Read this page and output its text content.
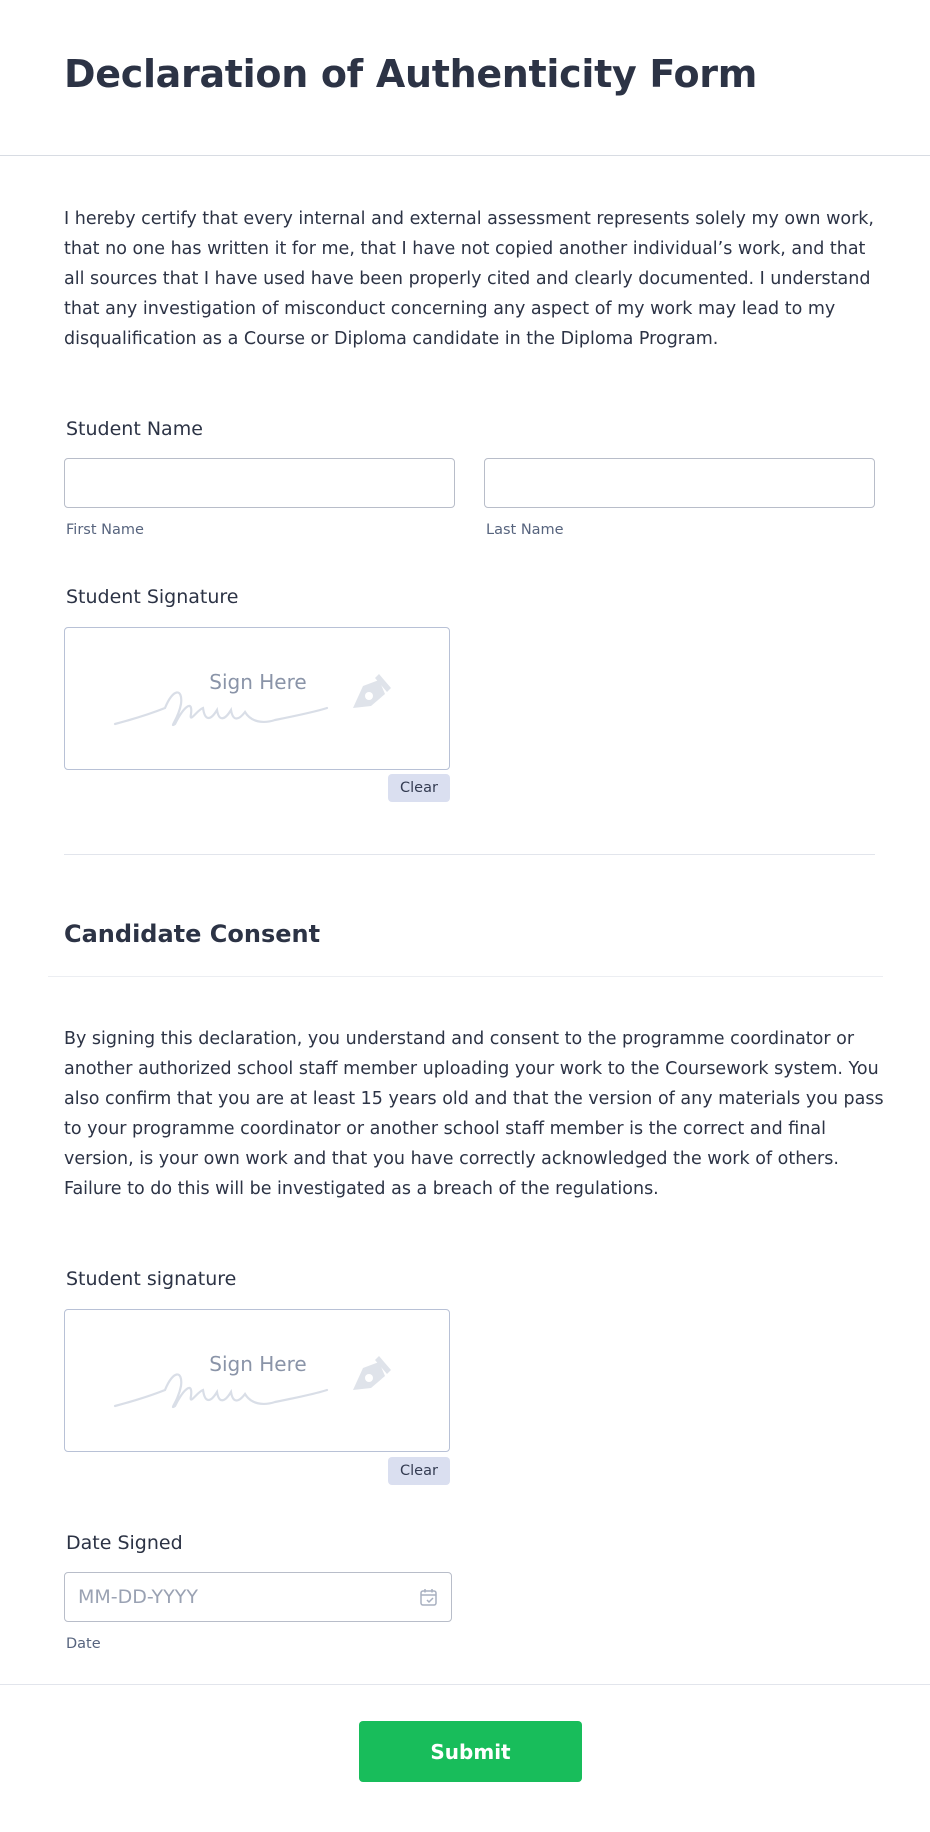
Declaration of Authenticity Form

I hereby certify that every internal and external assessment represents solely my own work, that no one has written it for me, that I have not copied another individual’s work, and that all sources that I have used have been properly cited and clearly documented. I understand that any investigation of misconduct concerning any aspect of my work may lead to my disqualification as a Course or Diploma candidate in the Diploma Program.

Student Name
First Name	Last Name
Student Signature
Sign Here
Clear
Candidate Consent

By signing this declaration, you understand and consent to the programme coordinator or another authorized school staff member uploading your work to the Coursework system. You also confirm that you are at least 15 years old and that the version of any materials you pass to your programme coordinator or another school staff member is the correct and final version, is your own work and that you have correctly acknowledged the work of others. Failure to do this will be investigated as a breach of the regulations.

Student signature
Sign Here
Clear
Date Signed
MM-DD-YYYY
Date
Submit
